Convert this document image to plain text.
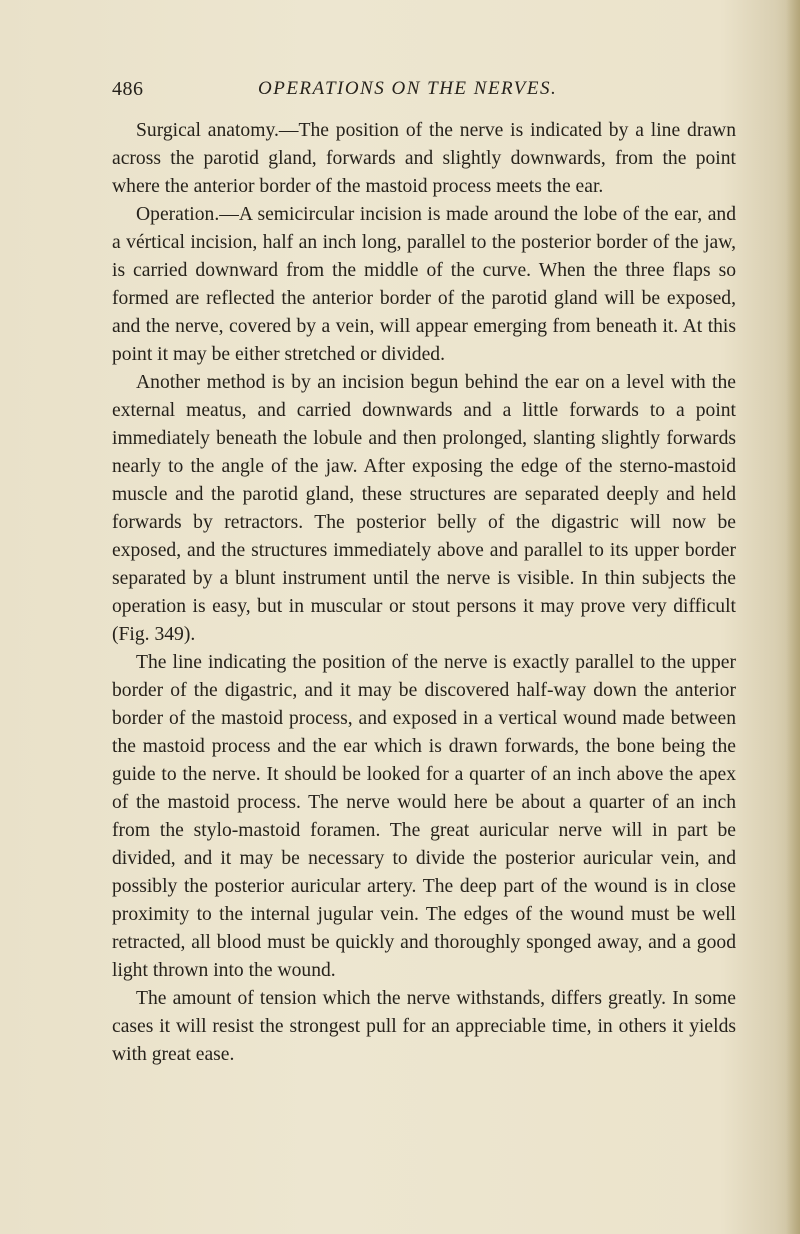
486	OPERATIONS ON THE NERVES.

Surgical anatomy.—The position of the nerve is indicated by a line drawn across the parotid gland, forwards and slightly downwards, from the point where the anterior border of the mastoid process meets the ear.

Operation.—A semicircular incision is made around the lobe of the ear, and a vértical incision, half an inch long, parallel to the posterior border of the jaw, is carried downward from the middle of the curve. When the three flaps so formed are reflected the anterior border of the parotid gland will be exposed, and the nerve, covered by a vein, will appear emerging from beneath it. At this point it may be either stretched or divided.

Another method is by an incision begun behind the ear on a level with the external meatus, and carried downwards and a little forwards to a point immediately beneath the lobule and then prolonged, slanting slightly forwards nearly to the angle of the jaw. After exposing the edge of the sterno-mastoid muscle and the parotid gland, these structures are separated deeply and held forwards by retractors. The posterior belly of the digastric will now be exposed, and the structures immediately above and parallel to its upper border separated by a blunt instrument until the nerve is visible. In thin subjects the operation is easy, but in muscular or stout persons it may prove very difficult (Fig. 349).

The line indicating the position of the nerve is exactly parallel to the upper border of the digastric, and it may be discovered half-way down the anterior border of the mastoid process, and exposed in a vertical wound made between the mastoid process and the ear which is drawn forwards, the bone being the guide to the nerve. It should be looked for a quarter of an inch above the apex of the mastoid process. The nerve would here be about a quarter of an inch from the stylo-mastoid foramen. The great auricular nerve will in part be divided, and it may be necessary to divide the posterior auricular vein, and possibly the posterior auricular artery. The deep part of the wound is in close proximity to the internal jugular vein. The edges of the wound must be well retracted, all blood must be quickly and thoroughly sponged away, and a good light thrown into the wound.

The amount of tension which the nerve withstands, differs greatly. In some cases it will resist the strongest pull for an appreciable time, in others it yields with great ease.
